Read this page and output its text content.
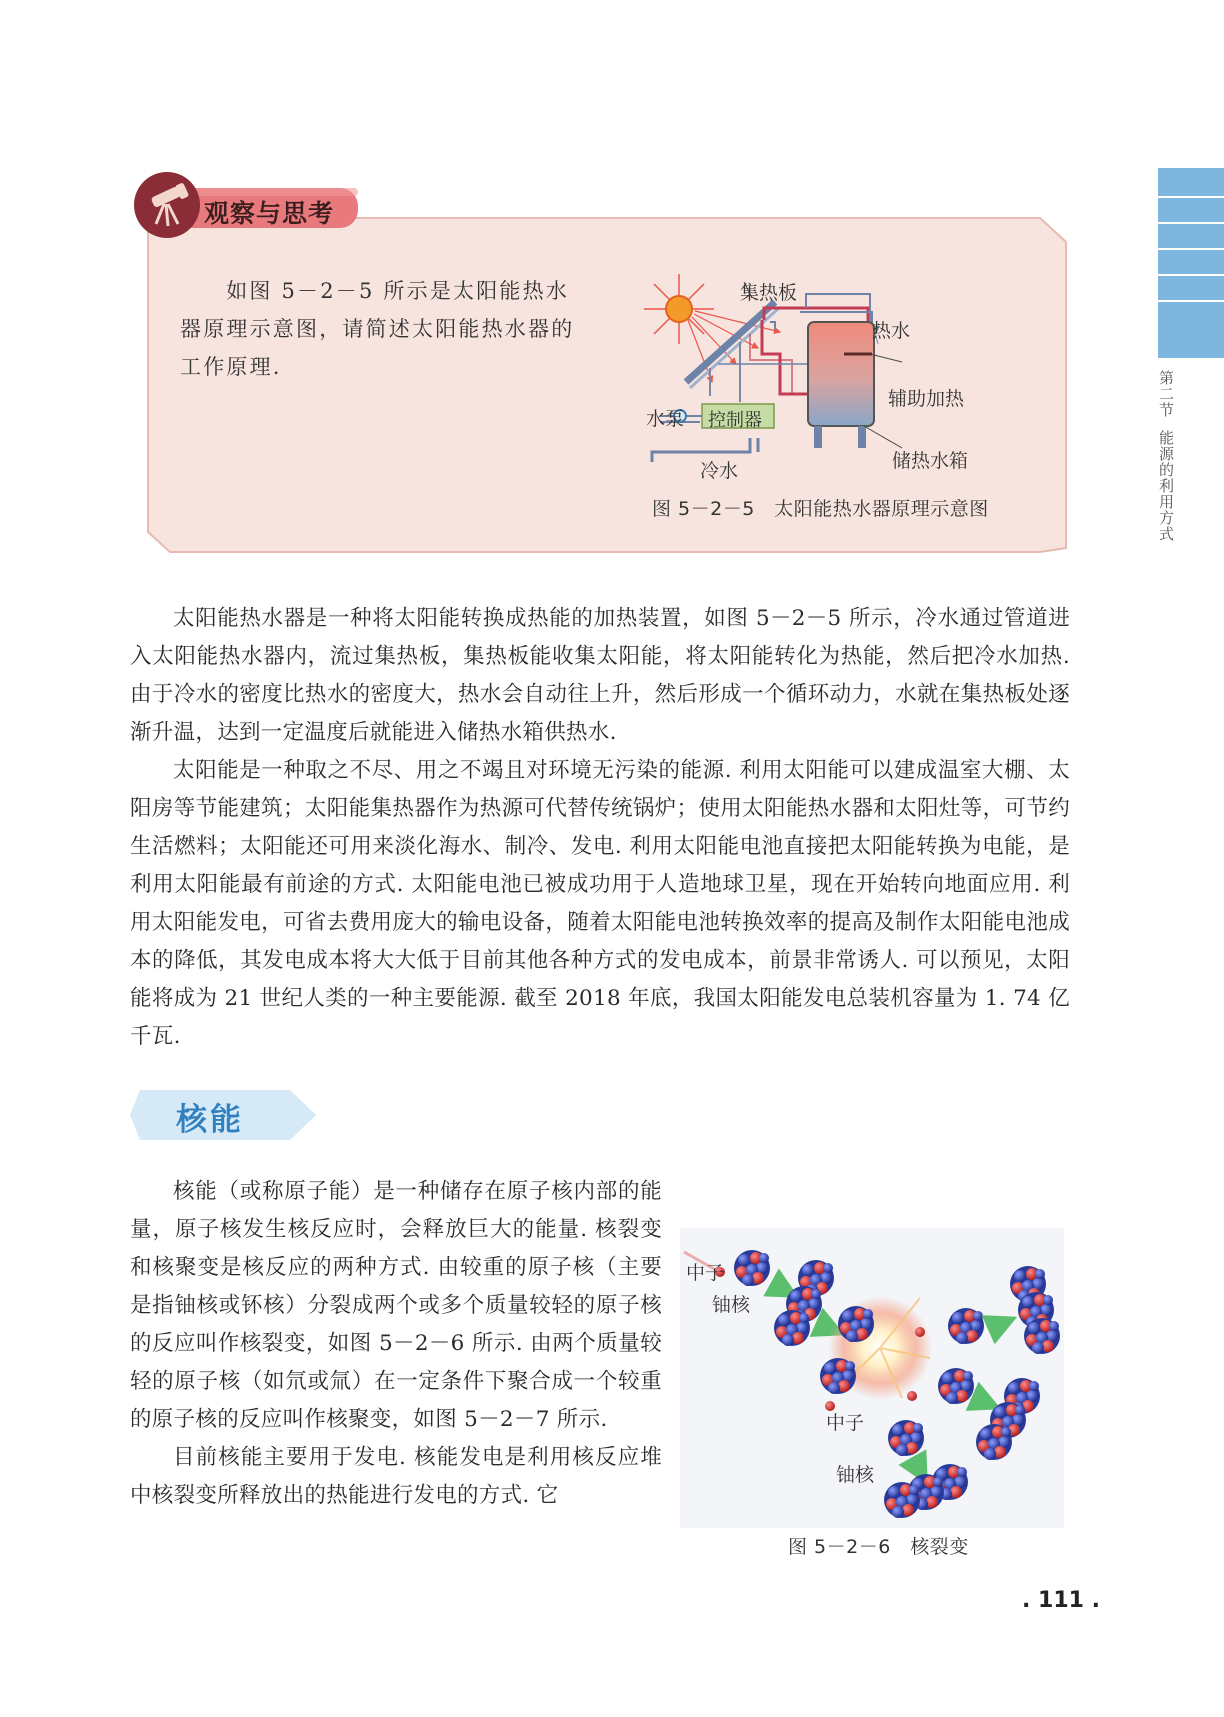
第二节
能源的利用方式
观察与思考
如图 5－2－5 所示是太阳能热水器原理示意图，请简述太阳能热水器的工作原理.
集热板
热水
辅助加热
水泵 控制器
储热水箱
冷水
图 5－2－5　太阳能热水器原理示意图

太阳能热水器是一种将太阳能转换成热能的加热装置，如图 5－2－5 所示，冷水通过管道进入太阳能热水器内，流过集热板，集热板能收集太阳能，将太阳能转化为热能，然后把冷水加热. 由于冷水的密度比热水的密度大，热水会自动往上升，然后形成一个循环动力，水就在集热板处逐渐升温，达到一定温度后就能进入储热水箱供热水.

太阳能是一种取之不尽、用之不竭且对环境无污染的能源. 利用太阳能可以建成温室大棚、太阳房等节能建筑；太阳能集热器作为热源可代替传统锅炉；使用太阳能热水器和太阳灶等，可节约生活燃料；太阳能还可用来淡化海水、制冷、发电. 利用太阳能电池直接把太阳能转换为电能，是利用太阳能最有前途的方式. 太阳能电池已被成功用于人造地球卫星，现在开始转向地面应用. 利用太阳能发电，可省去费用庞大的输电设备，随着太阳能电池转换效率的提高及制作太阳能电池成本的降低，其发电成本将大大低于目前其他各种方式的发电成本，前景非常诱人. 可以预见，太阳能将成为 21 世纪人类的一种主要能源. 截至 2018 年底，我国太阳能发电总装机容量为 1. 74 亿千瓦.

核能

核能（或称原子能）是一种储存在原子核内部的能量，原子核发生核反应时，会释放巨大的能量. 核裂变和核聚变是核反应的两种方式. 由较重的原子核（主要是指铀核或钚核）分裂成两个或多个质量较轻的原子核的反应叫作核裂变，如图 5－2－6 所示. 由两个质量较轻的原子核（如氘或氚）在一定条件下聚合成一个较重的原子核的反应叫作核聚变，如图 5－2－7 所示.

目前核能主要用于发电. 核能发电是利用核反应堆中核裂变所释放出的热能进行发电的方式. 它

中子
铀核
中子
铀核
图 5－2－6　核裂变
. 111 .
